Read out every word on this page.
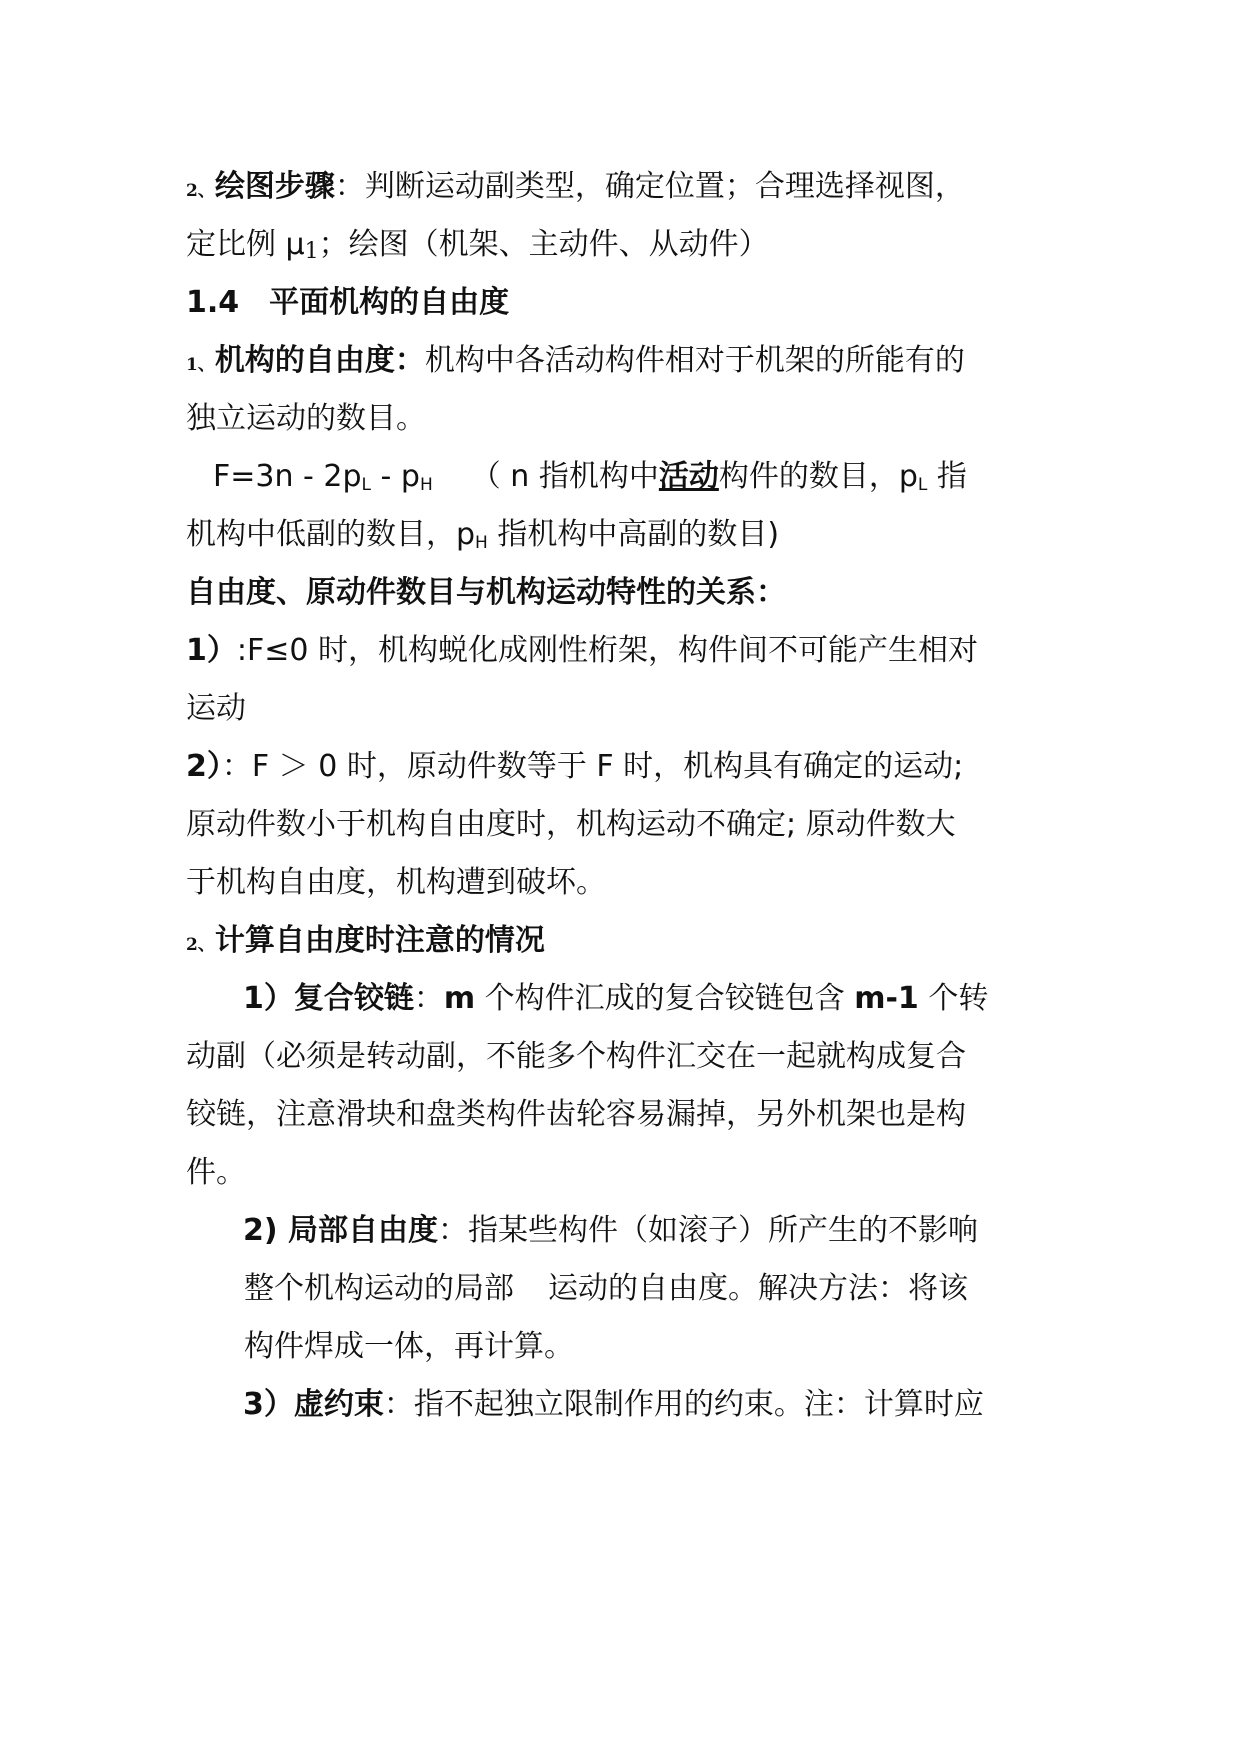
2、绘图步骤：判断运动副类型，确定位置；合理选择视图，
定比例 μ1；绘图（机架、主动件、从动件）
1.4 平面机构的自由度
1、机构的自由度：机构中各活动构件相对于机架的所能有的
独立运动的数目。
$F=3n - 2p_L - p_H$ （ n 指机构中活动构件的数目，$p_L$ 指
机构中低副的数目，$p_H$ 指机构中高副的数目)
自由度、原动件数目与机构运动特性的关系：
1）:F≤0 时，机构蜕化成刚性桁架，构件间不可能产生相对
运动
2）：F ＞ 0 时，原动件数等于 F 时，机构具有确定的运动;
原动件数小于机构自由度时，机构运动不确定; 原动件数大
于机构自由度，机构遭到破坏。
2、计算自由度时注意的情况
1）复合铰链：m 个构件汇成的复合铰链包含 m-1 个转
动副（必须是转动副，不能多个构件汇交在一起就构成复合
铰链，注意滑块和盘类构件齿轮容易漏掉，另外机架也是构
件。
2) 局部自由度：指某些构件（如滚子）所产生的不影响
整个机构运动的局部 运动的自由度。解决方法：将该
构件焊成一体，再计算。
3）虚约束：指不起独立限制作用的约束。注：计算时应
